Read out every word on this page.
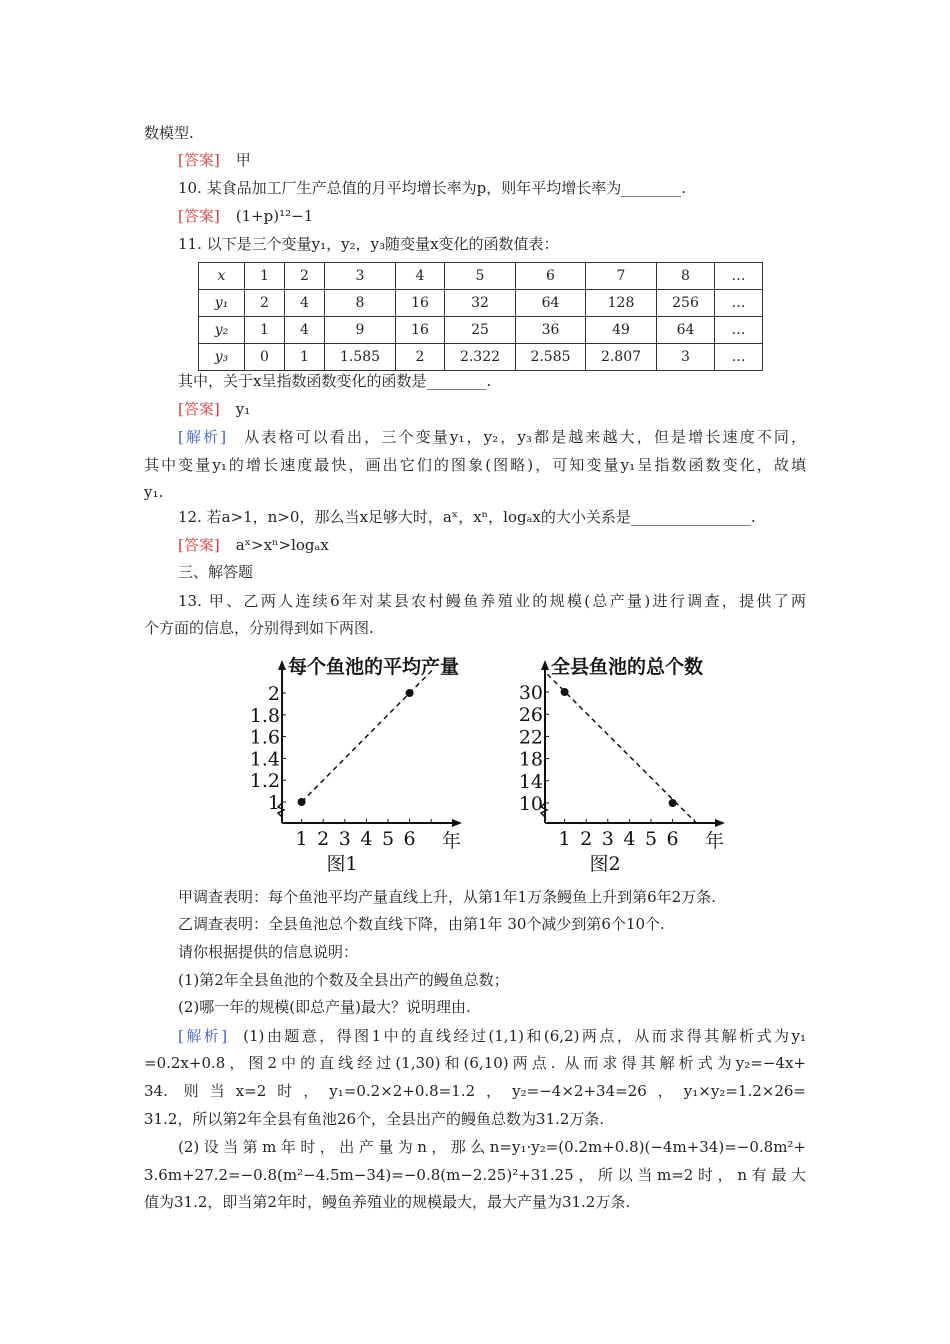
数模型.
[答案] 甲
10. 某食品加工厂生产总值的月平均增长率为p，则年平均增长率为________.
[答案] (1+p)¹²−1
11. 以下是三个变量y₁，y₂，y₃随变量x变化的函数值表：
x	1	2	3	4	5	6	7	8	…
y₁	2	4	8	16	32	64	128	256	…
y₂	1	4	9	16	25	36	49	64	…
y₃	0	1	1.585	2	2.322	2.585	2.807	3	…
其中，关于x呈指数函数变化的函数是________.
[答案] y₁
[解析] 从表格可以看出，三个变量y₁，y₂，y₃都是越来越大，但是增长速度不同，
其中变量y₁的增长速度最快，画出它们的图象(图略)，可知变量y₁呈指数函数变化，故填
y₁.
12. 若a>1，n>0，那么当x足够大时，aˣ，xⁿ，logₐx的大小关系是________________.
[答案] aˣ>xⁿ>logₐx
三、解答题
13. 甲、乙两人连续6年对某县农村鳗鱼养殖业的规模(总产量)进行调查，提供了两
个方面的信息，分别得到如下两图.
1 2 3 4 5 6
1
1.2
1.4
1.6
1.8
2
年
每个鱼池的平均产量
图1
1 2 3 4 5 6
10
14
18
22
26
30
年
全县鱼池的总个数
图2
甲调查表明：每个鱼池平均产量直线上升，从第1年1万条鳗鱼上升到第6年2万条.
乙调查表明：全县鱼池总个数直线下降，由第1年 30个减少到第6个10个.
请你根据提供的信息说明：
(1)第2年全县鱼池的个数及全县出产的鳗鱼总数；
(2)哪一年的规模(即总产量)最大？说明理由.
[解析] (1)由题意，得图1中的直线经过(1,1)和(6,2)两点，从而求得其解析式为y₁
=0.2x+0.8，图2中的直线经过(1,30)和(6,10)两点. 从而求得其解析式为y₂=−4x+
34. 则当x=2时，y₁=0.2×2+0.8=1.2，y₂=−4×2+34=26，y₁×y₂=1.2×26=
31.2，所以第2年全县有鱼池26个，全县出产的鳗鱼总数为31.2万条.
(2)设当第m年时，出产量为n，那么n=y₁·y₂=(0.2m+0.8)(−4m+34)=−0.8m²+
3.6m+27.2=−0.8(m²−4.5m−34)=−0.8(m−2.25)²+31.25，所以当m=2时，n有最大
值为31.2，即当第2年时，鳗鱼养殖业的规模最大，最大产量为31.2万条.
